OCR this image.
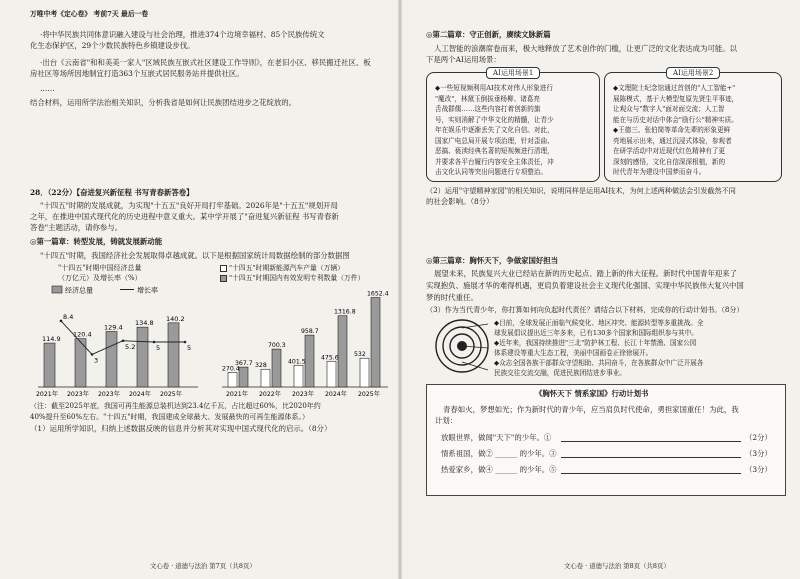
万唯中考《定心卷》 考前7天 最后一卷
·将中华民族共同体意识融入建设与社会治理，推进374个边境幸福村、85个民族传统文
化生态保护区，29个少数民族特色乡镇建设步伐。
·出台《云南省"和和美美一家人"区域民族互嵌式社区建设工作导则》，在老旧小区、移民搬迁社区、板
房社区等场所因地制宜打造363个互嵌式居民服务站并提供社区。
……
结合材料，运用所学法治相关知识，分析我省是如何让民族团结进步之花绽放的。
28．（22分）【奋进复兴新征程 书写青春新答卷】
"十四五"时期的发展成就，为实现"十五五"良好开局打牢基础。2026年是"十五五"规划开局
之年，在推进中国式现代化的历史进程中意义重大。某中学开展了"奋进复兴新征程 书写青春新
答卷"主题活动，请你参与。
◎第一篇章：转型发展，铸就发展新动能
"十四五"时期，我国经济社会发展取得卓越成就。以下是根据国家统计局数据绘制的部分数据图
"十四五"时期中国经济总量
（万亿元）及增长率（%）
经济总量	增长率
114.9
8.4
2021年
120.4
3
2023年
129.4
5.2
2023年
134.8
5
2024年
140.2
5
2025年
"十四五"时期新能源汽车产量（万辆）
"十四五"时期国内有效发明专利数量（万件）
270.4
367.7
2021年
328
700.3
2022年
401.5
958.7
2023年
475.6
1316.8
2024年
532
1652.4
2025年
（注：截至2025年底，我国可再生能源总装机达到23.4亿千瓦，占比超过60%，比2020年约
40%提升至60%左右。"十四五"时期，我国建成全球最大、发展最快的可再生能源体系。）
（1）运用所学知识，归纳上述数据反映的信息并分析其对实现中国式现代化的启示。（8分）
文心卷 · 道德与法治 第7页（共8页）
◎第二篇章：守正创新，赓续文脉新篇
人工智能的浪潮席卷而来，极大地释放了艺术创作的门槛，让更广泛的文化表达成为可能。以
下是两个AI运用场景：
◆一些短视频利用AI技术对伟人形象进行
"魔改"，林黛玉倒拔垂杨柳、诸葛亮
舌战群儒……这些内容打着创新的旗
号，实则消解了中华文化的精髓，让青少
年在娱乐中逐渐丢失了文化自信。对此，
国家广电总局开展专项治理，针对歪曲、
恶搞、亵渎经典名著的短视频进行清理，
并要求各平台履行内容安全主体责任，冲
击文化认同等突出问题进行专项整治。
AI运用场景1
◆文理院士纪念馆通过首创的"人工智能+"
展陈模式，基于大模型复原先贤生平事迹，
让观众与"数字人"面对面交流；人工智
能在与历史对话中体会"励行公"精神实质。
◆王德三、张伯简等革命先辈的形象更鲜
亮地展示出来，通过沉浸式体验，参观者
在研学活动中对近现代红色精神有了更
深刻的感悟，文化自信深深根植，新的
时代青年为建设中国梦而奋斗。
AI运用场景2
（2）运用"守望精神家园"的相关知识，说明同样是运用AI技术，为何上述两种做法会引发截然不同
的社会影响。（8分）
◎第三篇章：胸怀天下，争做家国好担当
展望未来，民族复兴大业已经站在新的历史起点、踏上新的伟大征程。新时代中国青年迎来了
实现抱负、施展才华的难得机遇，更肩负着建设社会主义现代化强国、实现中华民族伟大复兴中国
梦的时代重任。
（3）作为当代青少年，你打算如何向负起时代责任？请结合以下材料，完成你的行动计划书。（8分）
◆目前，全球发展正面临气候变化、地区冲突、能源转型等多重挑战。全
球发展倡议提出近三年多来，已有130多个国家和国际组织参与其中。
◆近年来，我国持续推进"三北"防护林工程、长江十年禁渔、国家公园
体系建设等重大生态工程，美丽中国画卷正徐徐展开。
◆众志全国各族干部群众守望相助、共同奋斗，在各族群众中广泛开展各
民族交往交流交融，促进民族团结进步事业。
《胸怀天下 情系家国》行动计划书
青春如火，梦想如光；作为新时代的青少年，应当肩负时代使命，勇担家国重任！为此，我
计划：
放眼世界，做闻"天下"的少年。①	（2分）
情系祖国，做② ______ 的少年。③	（3分）
热爱家乡，做④ ______ 的少年。⑤	（3分）
文心卷 · 道德与法治 第8页（共8页）
